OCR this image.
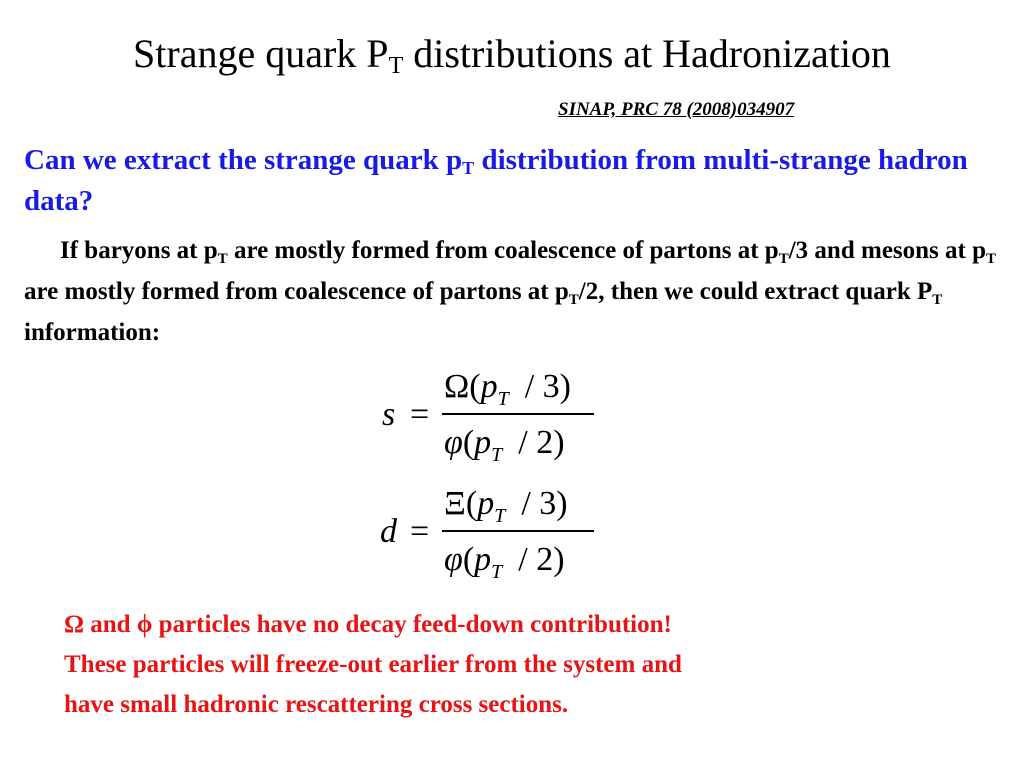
Strange quark $P_T$ distributions at Hadronization
SINAP, PRC 78 (2008)034907
Can we extract the strange quark $p_T$ distribution from multi-strange hadron data?
If baryons at $p_T$ are mostly formed from coalescence of partons at $p_T/3$ and mesons at $p_T$ are mostly formed from coalescence of partons at $p_T/2$, then we could extract quark $P_T$ information:
s =
$\Omega(p_T / 3)$
$\varphi(p_T / 2)$
d =
$\Xi(p_T / 3)$
$\varphi(p_T / 2)$
Ω and ϕ particles have no decay feed-down contribution!
These particles will freeze-out earlier from the system and
have small hadronic rescattering cross sections.
